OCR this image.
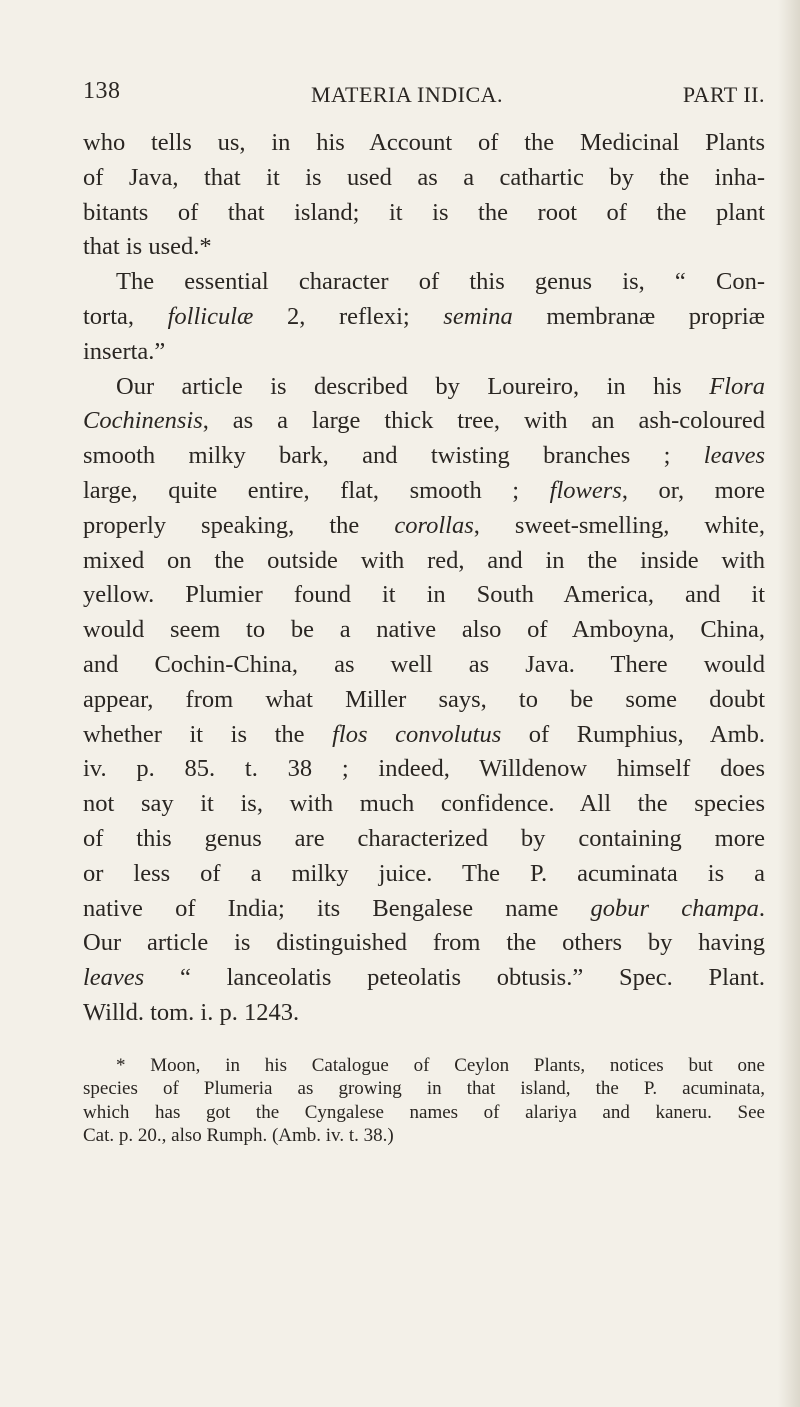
138	MATERIA INDICA.	PART II.
who tells us, in his Account of the Medicinal Plants
of Java, that it is used as a cathartic by the inha-
bitants of that island; it is the root of the plant
that is used.*
The essential character of this genus is, “ Con-
torta, folliculæ 2, reflexi; semina membranæ propriæ
inserta.”
Our article is described by Loureiro, in his Flora
Cochinensis, as a large thick tree, with an ash-coloured
smooth milky bark, and twisting branches ; leaves
large, quite entire, flat, smooth ; flowers, or, more
properly speaking, the corollas, sweet-smelling, white,
mixed on the outside with red, and in the inside with
yellow. Plumier found it in South America, and it
would seem to be a native also of Amboyna, China,
and Cochin-China, as well as Java. There would
appear, from what Miller says, to be some doubt
whether it is the flos convolutus of Rumphius, Amb.
iv. p. 85. t. 38 ; indeed, Willdenow himself does
not say it is, with much confidence. All the species
of this genus are characterized by containing more
or less of a milky juice. The P. acuminata is a
native of India; its Bengalese name gobur champa.
Our article is distinguished from the others by having
leaves “ lanceolatis peteolatis obtusis.” Spec. Plant.
Willd. tom. i. p. 1243.
* Moon, in his Catalogue of Ceylon Plants, notices but one
species of Plumeria as growing in that island, the P. acuminata,
which has got the Cyngalese names of alariya and kaneru. See
Cat. p. 20., also Rumph. (Amb. iv. t. 38.)
